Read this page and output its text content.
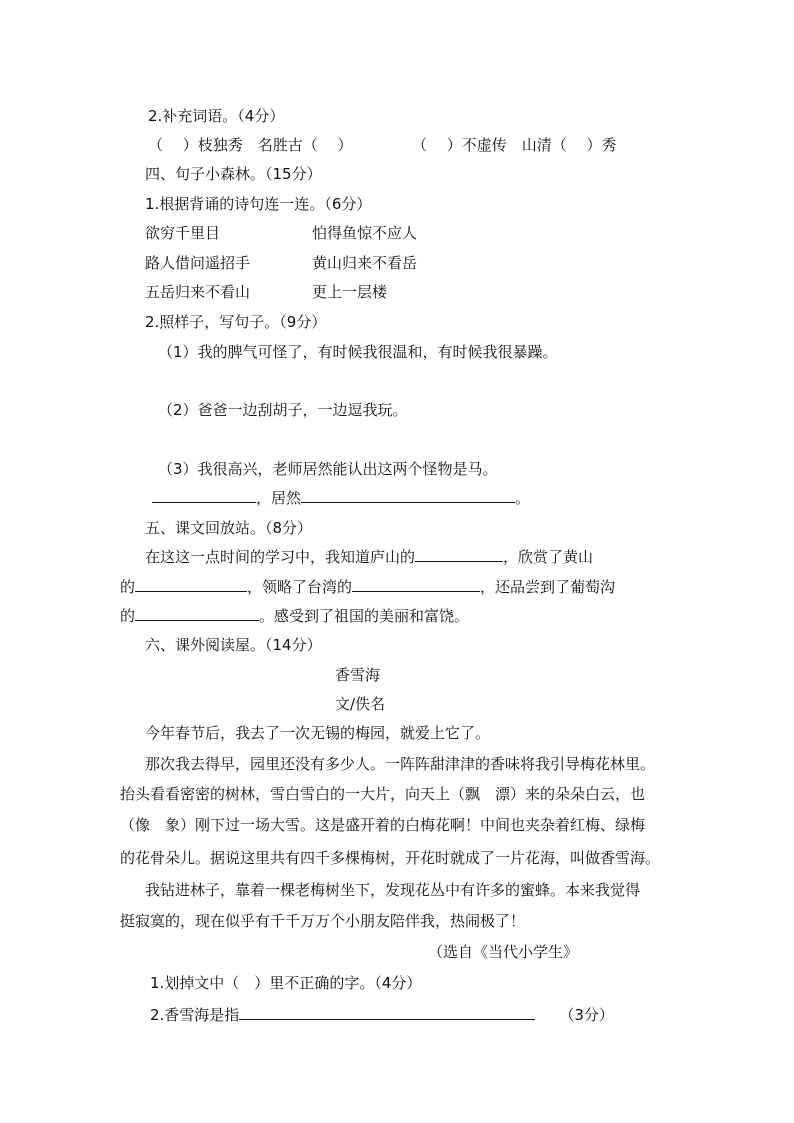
2.补充词语。（4分）
（　 ）枝独秀　名胜古（　 ）	（　 ）不虚传　山清（　 ）秀
四、句子小森林。（15分）
1.根据背诵的诗句连一连。（6分）
欲穷千里目	怕得鱼惊不应人
路人借问遥招手	黄山归来不看岳
五岳归来不看山	更上一层楼
2.照样子，写句子。（9分）
（1）我的脾气可怪了，有时候我很温和，有时候我很暴躁。
（2）爸爸一边刮胡子，一边逗我玩。
（3）我很高兴，老师居然能认出这两个怪物是马。
，居然	。
五、课文回放站。（8分）
在这这一点时间的学习中，我知道庐山的	，欣赏了黄山
的	，领略了台湾的	，还品尝到了葡萄沟
的	。感受到了祖国的美丽和富饶。
六、课外阅读屋。（14分）
香雪海
文/佚名
今年春节后，我去了一次无锡的梅园，就爱上它了。
那次我去得早，园里还没有多少人。一阵阵甜津津的香味将我引导梅花林里。
抬头看看密密的树林，雪白雪白的一大片，向天上（飘　漂）来的朵朵白云，也
（像　象）刚下过一场大雪。这是盛开着的白梅花啊！中间也夹杂着红梅、绿梅
的花骨朵儿。据说这里共有四千多棵梅树，开花时就成了一片花海，叫做香雪海。
我钻进林子，靠着一棵老梅树坐下，发现花丛中有许多的蜜蜂。本来我觉得
挺寂寞的，现在似乎有千千万万个小朋友陪伴我，热闹极了！
（选自《当代小学生》
1.划掉文中（　）里不正确的字。（4分）
2.香雪海是指	（3分）
